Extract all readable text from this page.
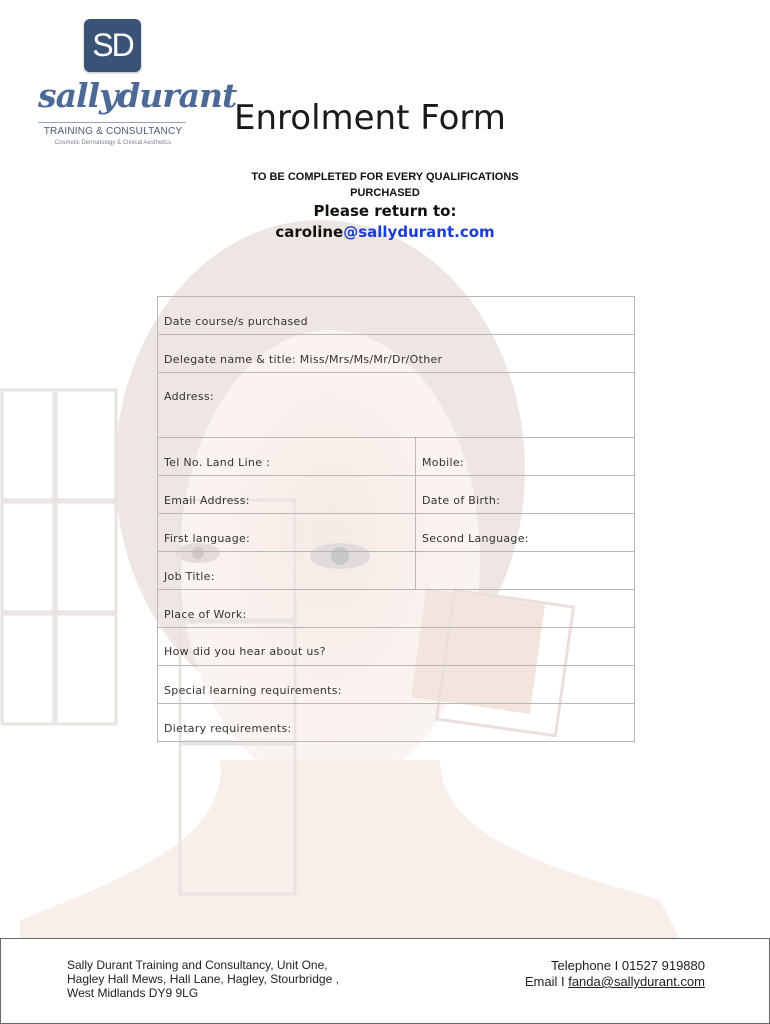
SD
sallydurant
TRAINING & CONSULTANCY
Cosmetic Dermatology & Clinical Aesthetics
Enrolment Form
TO BE COMPLETED FOR EVERY QUALIFICATIONS
PURCHASED
Please return to:
caroline@sallydurant.com
Date course/s purchased
Delegate name & title: Miss/Mrs/Ms/Mr/Dr/Other
Address:
Tel No. Land Line :	Mobile:
Email Address:	Date of Birth:
First language:	Second Language:
Job Title:
Place of Work:
How did you hear about us?
Special learning requirements:
Dietary requirements:
Sally Durant Training and Consultancy, Unit One,
Hagley Hall Mews, Hall Lane, Hagley, Stourbridge ,
West Midlands DY9 9LG
Telephone I 01527 919880
Email I fanda@sallydurant.com
